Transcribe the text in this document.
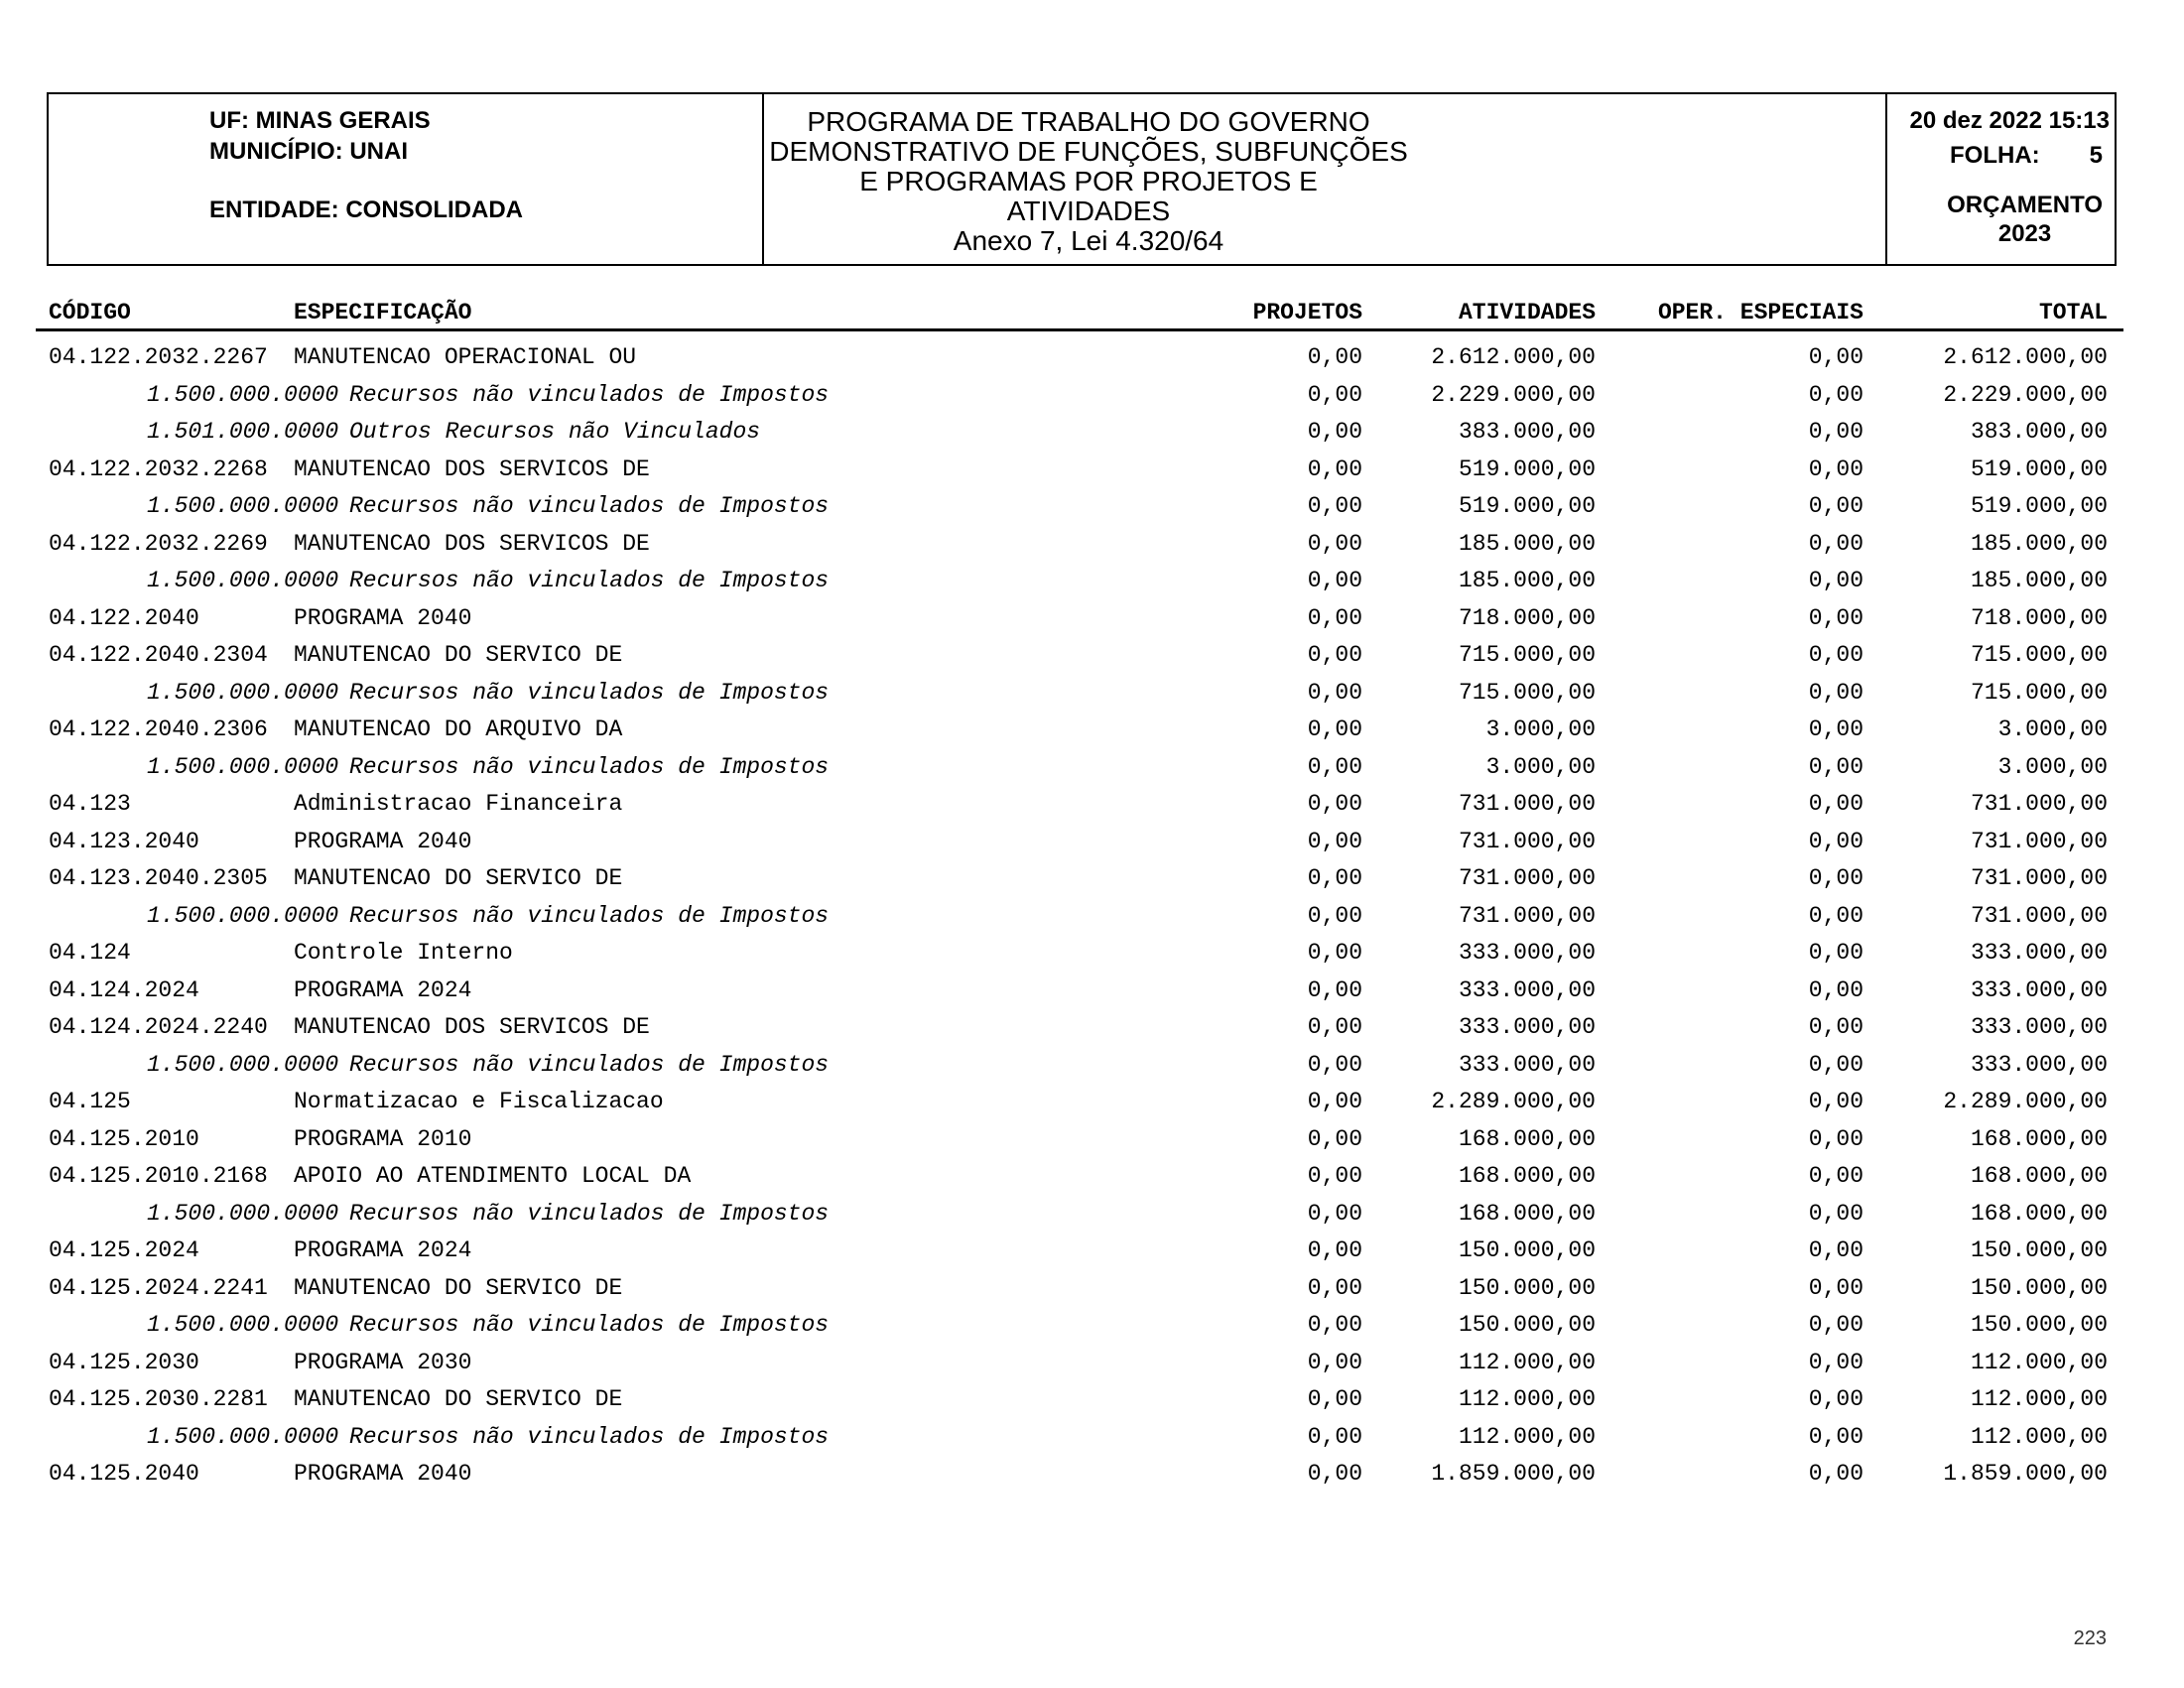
UF: MINAS GERAIS
MUNICÍPIO: UNAI
ENTIDADE: CONSOLIDADA
PROGRAMA DE TRABALHO DO GOVERNO
DEMONSTRATIVO DE FUNÇÕES, SUBFUNÇÕES
E PROGRAMAS POR PROJETOS E
ATIVIDADES
Anexo 7, Lei 4.320/64
20 dez 2022 15:13
FOLHA: 5
ORÇAMENTO
2023
CÓDIGO	ESPECIFICAÇÃO	PROJETOS	ATIVIDADES	OPER. ESPECIAIS	TOTAL
04.122.2032.2267 MANUTENCAO OPERACIONAL OU	0,00	2.612.000,00	0,00	2.612.000,00
1.500.000.0000 Recursos não vinculados de Impostos	0,00	2.229.000,00	0,00	2.229.000,00
1.501.000.0000 Outros Recursos não Vinculados	0,00	383.000,00	0,00	383.000,00
04.122.2032.2268 MANUTENCAO DOS SERVICOS DE	0,00	519.000,00	0,00	519.000,00
1.500.000.0000 Recursos não vinculados de Impostos	0,00	519.000,00	0,00	519.000,00
04.122.2032.2269 MANUTENCAO DOS SERVICOS DE	0,00	185.000,00	0,00	185.000,00
1.500.000.0000 Recursos não vinculados de Impostos	0,00	185.000,00	0,00	185.000,00
04.122.2040	PROGRAMA 2040	0,00	718.000,00	0,00	718.000,00
04.122.2040.2304 MANUTENCAO DO SERVICO DE	0,00	715.000,00	0,00	715.000,00
1.500.000.0000 Recursos não vinculados de Impostos	0,00	715.000,00	0,00	715.000,00
04.122.2040.2306 MANUTENCAO DO ARQUIVO DA	0,00	3.000,00	0,00	3.000,00
1.500.000.0000 Recursos não vinculados de Impostos	0,00	3.000,00	0,00	3.000,00
04.123	Administracao Financeira	0,00	731.000,00	0,00	731.000,00
04.123.2040	PROGRAMA 2040	0,00	731.000,00	0,00	731.000,00
04.123.2040.2305 MANUTENCAO DO SERVICO DE	0,00	731.000,00	0,00	731.000,00
1.500.000.0000 Recursos não vinculados de Impostos	0,00	731.000,00	0,00	731.000,00
04.124	Controle Interno	0,00	333.000,00	0,00	333.000,00
04.124.2024	PROGRAMA 2024	0,00	333.000,00	0,00	333.000,00
04.124.2024.2240 MANUTENCAO DOS SERVICOS DE	0,00	333.000,00	0,00	333.000,00
1.500.000.0000 Recursos não vinculados de Impostos	0,00	333.000,00	0,00	333.000,00
04.125	Normatizacao e Fiscalizacao	0,00	2.289.000,00	0,00	2.289.000,00
04.125.2010	PROGRAMA 2010	0,00	168.000,00	0,00	168.000,00
04.125.2010.2168 APOIO AO ATENDIMENTO LOCAL DA	0,00	168.000,00	0,00	168.000,00
1.500.000.0000 Recursos não vinculados de Impostos	0,00	168.000,00	0,00	168.000,00
04.125.2024	PROGRAMA 2024	0,00	150.000,00	0,00	150.000,00
04.125.2024.2241 MANUTENCAO DO SERVICO DE	0,00	150.000,00	0,00	150.000,00
1.500.000.0000 Recursos não vinculados de Impostos	0,00	150.000,00	0,00	150.000,00
04.125.2030	PROGRAMA 2030	0,00	112.000,00	0,00	112.000,00
04.125.2030.2281 MANUTENCAO DO SERVICO DE	0,00	112.000,00	0,00	112.000,00
1.500.000.0000 Recursos não vinculados de Impostos	0,00	112.000,00	0,00	112.000,00
04.125.2040	PROGRAMA 2040	0,00	1.859.000,00	0,00	1.859.000,00
223
